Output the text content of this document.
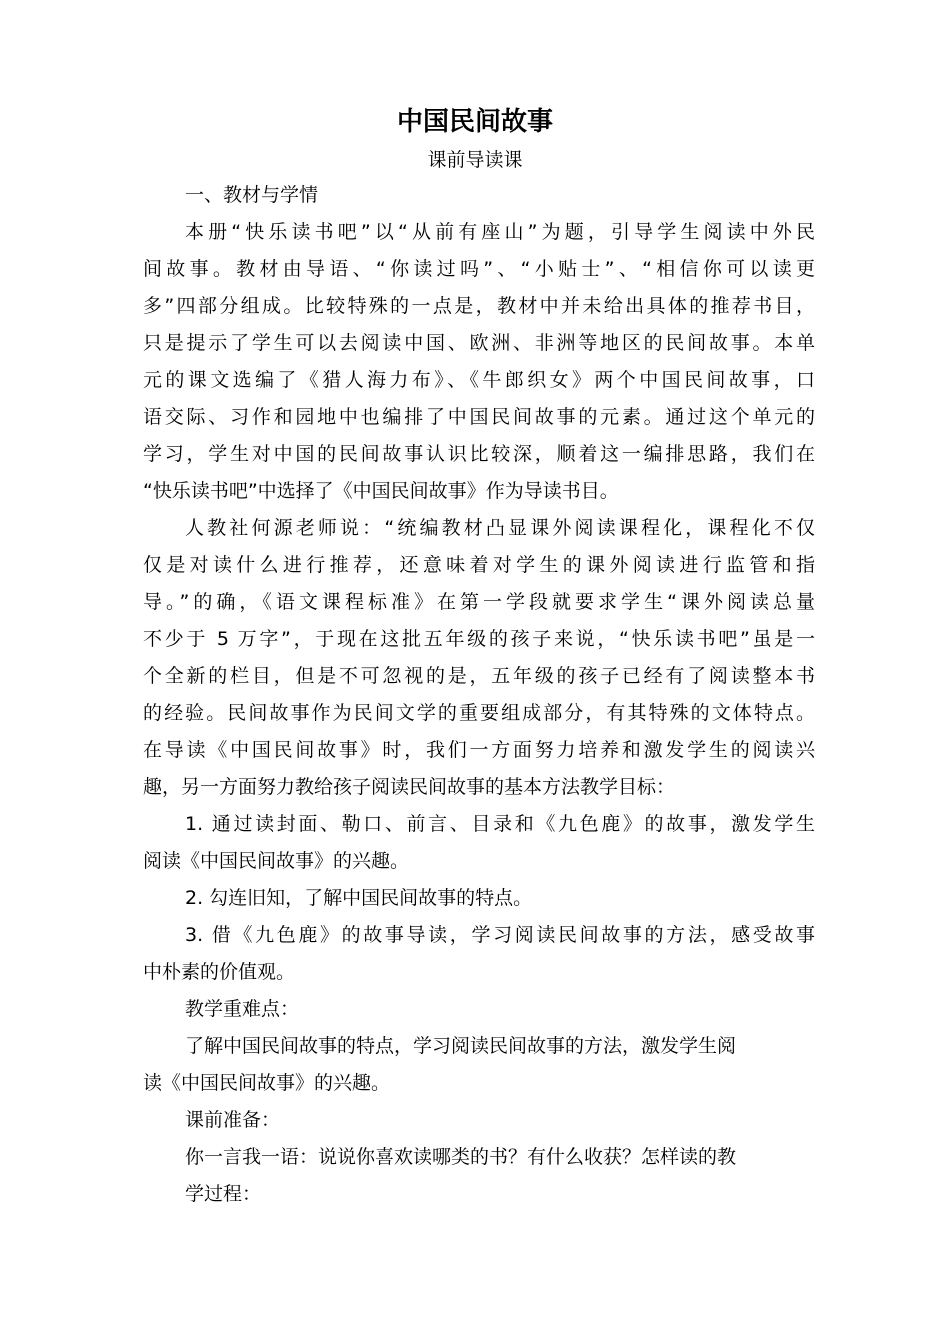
中国民间故事
课前导读课
一、教材与学情
本册“快乐读书吧”以“从前有座山”为题，引导学生阅读中外民
间故事。教材由导语、“你读过吗”、“小贴士”、“相信你可以读更
多”四部分组成。比较特殊的一点是，教材中并未给出具体的推荐书目，
只是提示了学生可以去阅读中国、欧洲、非洲等地区的民间故事。本单
元的课文选编了《猎人海力布》、《牛郎织女》两个中国民间故事，口
语交际、习作和园地中也编排了中国民间故事的元素。通过这个单元的
学习，学生对中国的民间故事认识比较深，顺着这一编排思路，我们在
“快乐读书吧”中选择了《中国民间故事》作为导读书目。
人教社何源老师说：“统编教材凸显课外阅读课程化，课程化不仅
仅是对读什么进行推荐，还意味着对学生的课外阅读进行监管和指
导。”的确，《语文课程标准》在第一学段就要求学生“课外阅读总量
不少于 5 万字”，于现在这批五年级的孩子来说，“快乐读书吧”虽是一
个全新的栏目，但是不可忽视的是，五年级的孩子已经有了阅读整本书
的经验。民间故事作为民间文学的重要组成部分，有其特殊的文体特点。
在导读《中国民间故事》时，我们一方面努力培养和激发学生的阅读兴
趣，另一方面努力教给孩子阅读民间故事的基本方法教学目标：
1. 通过读封面、勒口、前言、目录和《九色鹿》的故事，激发学生
阅读《中国民间故事》的兴趣。
2. 勾连旧知，了解中国民间故事的特点。
3. 借《九色鹿》的故事导读，学习阅读民间故事的方法，感受故事
中朴素的价值观。
教学重难点：
了解中国民间故事的特点，学习阅读民间故事的方法，激发学生阅
读《中国民间故事》的兴趣。
课前准备：
你一言我一语：说说你喜欢读哪类的书？有什么收获？怎样读的教
学过程：
